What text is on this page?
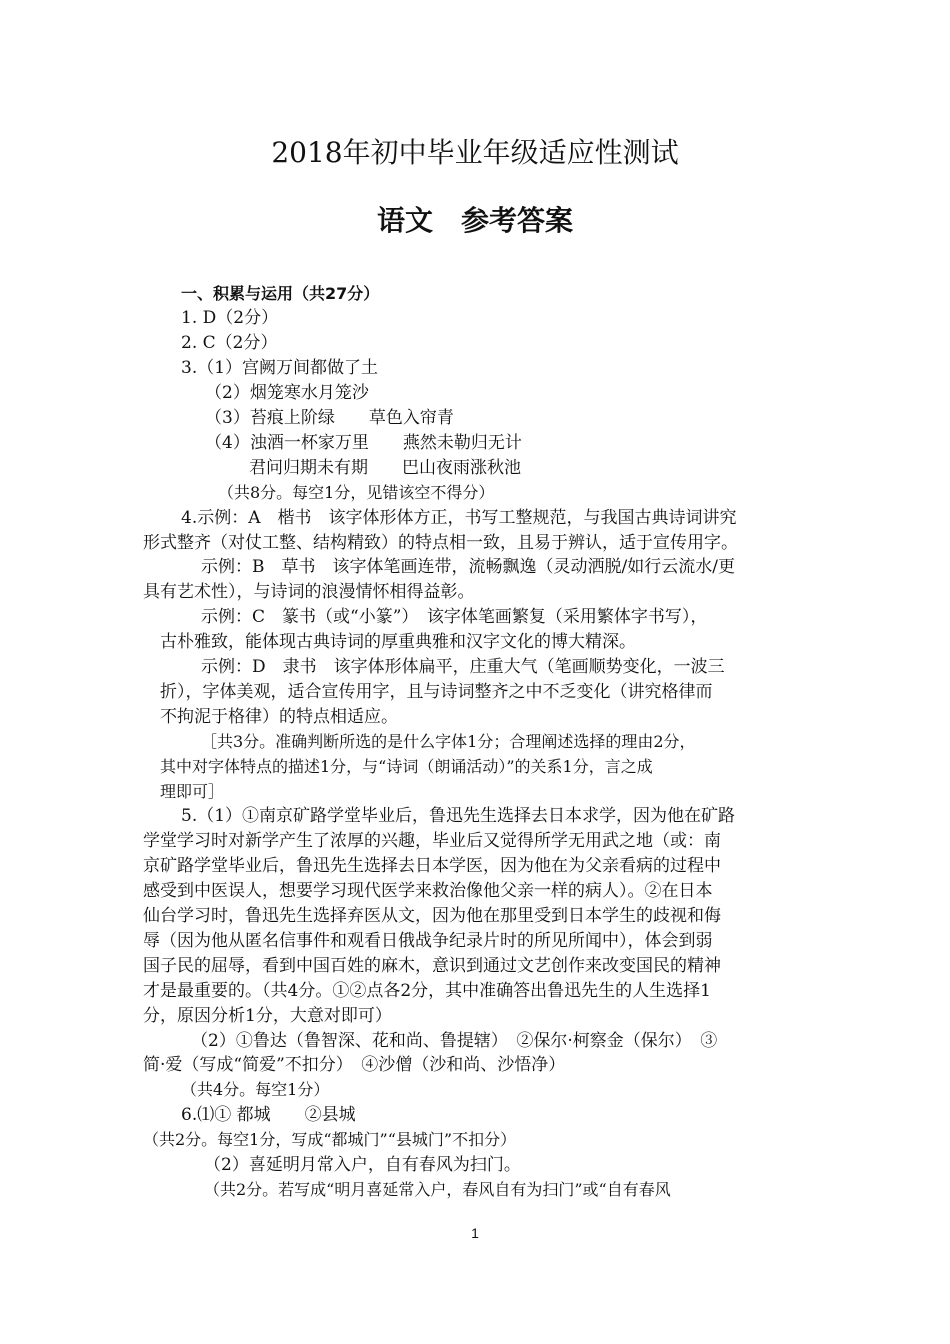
2018年初中毕业年级适应性测试
语文　参考答案
一、积累与运用（共27分）
1. D（2分）
2. C（2分）
3.（1）宫阙万间都做了土
（2）烟笼寒水月笼沙
（3）苔痕上阶绿　　草色入帘青
（4）浊酒一杯家万里　　燕然未勒归无计
君问归期未有期　　巴山夜雨涨秋池
（共8分。每空1分，见错该空不得分）
4.示例：A　楷书　该字体形体方正，书写工整规范，与我国古典诗词讲究
形式整齐（对仗工整、结构精致）的特点相一致，且易于辨认，适于宣传用字。
示例：B　草书　该字体笔画连带，流畅飘逸（灵动洒脱/如行云流水/更
具有艺术性），与诗词的浪漫情怀相得益彰。
示例：C　篆书（或“小篆”）　该字体笔画繁复（采用繁体字书写），
古朴雅致，能体现古典诗词的厚重典雅和汉字文化的博大精深。
示例：D　隶书　该字体形体扁平，庄重大气（笔画顺势变化，一波三
折），字体美观，适合宣传用字，且与诗词整齐之中不乏变化（讲究格律而
不拘泥于格律）的特点相适应。
［共3分。准确判断所选的是什么字体1分；合理阐述选择的理由2分，
其中对字体特点的描述1分，与“诗词（朗诵活动）”的关系1分，言之成
理即可］
5.（1）①南京矿路学堂毕业后，鲁迅先生选择去日本求学，因为他在矿路
学堂学习时对新学产生了浓厚的兴趣，毕业后又觉得所学无用武之地（或：南
京矿路学堂毕业后，鲁迅先生选择去日本学医，因为他在为父亲看病的过程中
感受到中医误人，想要学习现代医学来救治像他父亲一样的病人）。②在日本
仙台学习时，鲁迅先生选择弃医从文，因为他在那里受到日本学生的歧视和侮
辱（因为他从匿名信事件和观看日俄战争纪录片时的所见所闻中），体会到弱
国子民的屈辱，看到中国百姓的麻木，意识到通过文艺创作来改变国民的精神
才是最重要的。（共4分。①②点各2分，其中准确答出鲁迅先生的人生选择1
分，原因分析1分，大意对即可）
（2）①鲁达（鲁智深、花和尚、鲁提辖）　②保尔·柯察金（保尔）　③
简·爱（写成“简爱”不扣分）　④沙僧（沙和尚、沙悟净）
（共4分。每空1分）
6.⑴① 都城　　②县城
（共2分。每空1分，写成“都城门”“县城门”不扣分）
（2）喜延明月常入户，自有春风为扫门。
（共2分。若写成“明月喜延常入户，春风自有为扫门”或“自有春风
1
